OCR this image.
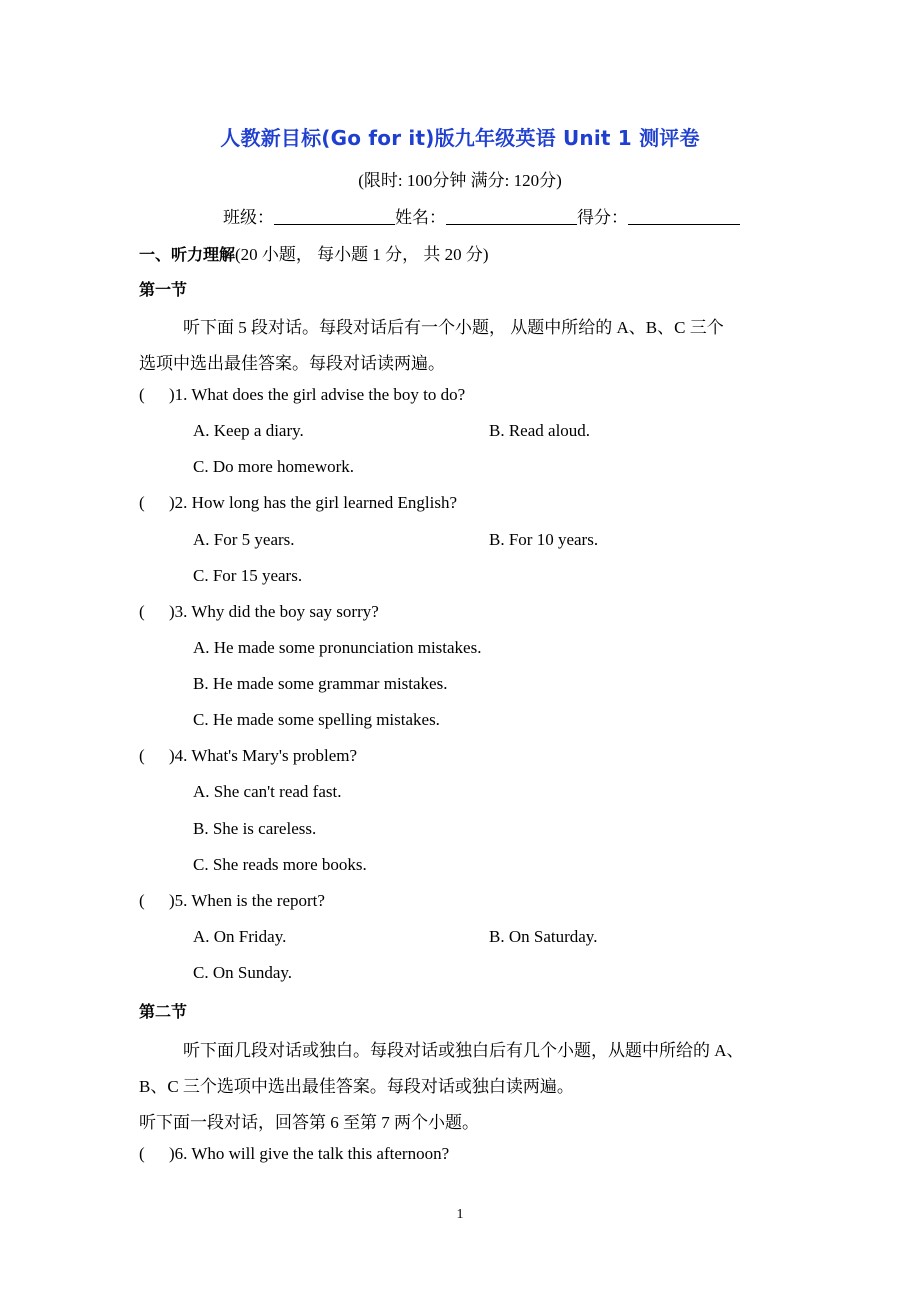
人教新目标(Go for it)版九年级英语 Unit 1 测评卷
(限时: 100分钟 满分: 120分)
班级：	姓名：	得分：
一、听力理解(20 小题， 每小题 1 分， 共 20 分)
第一节
听下面 5 段对话。每段对话后有一个小题， 从题中所给的 A、B、C 三个
选项中选出最佳答案。每段对话读两遍。
( )1. What does the girl advise the boy to do?
A. Keep a diary.	B. Read aloud.
C. Do more homework.
( )2. How long has the girl learned English?
A. For 5 years.	B. For 10 years.
C. For 15 years.
( )3. Why did the boy say sorry?
A. He made some pronunciation mistakes.
B. He made some grammar mistakes.
C. He made some spelling mistakes.
( )4. What's Mary's problem?
A. She can't read fast.
B. She is careless.
C. She reads more books.
( )5. When is the report?
A. On Friday.	B. On Saturday.
C. On Sunday.
第二节
听下面几段对话或独白。每段对话或独白后有几个小题，从题中所给的 A、
B、C 三个选项中选出最佳答案。每段对话或独白读两遍。
听下面一段对话，回答第 6 至第 7 两个小题。
( )6. Who will give the talk this afternoon?
1
